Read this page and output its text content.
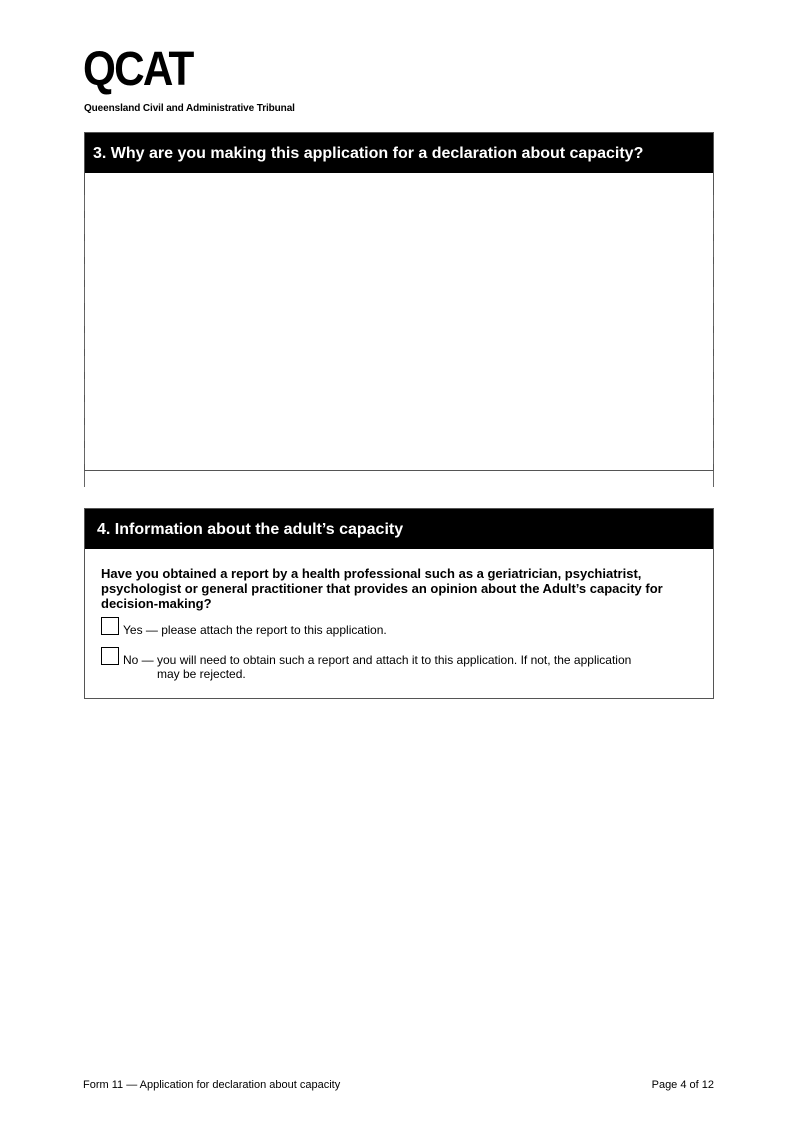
QCAT
Queensland Civil and Administrative Tribunal
3. Why are you making this application for a declaration about capacity?
4. Information about the adult’s capacity
Have you obtained a report by a health professional such as a geriatrician, psychiatrist, psychologist or general practitioner that provides an opinion about the Adult’s capacity for decision-making?
Yes — please attach the report to this application.
No — you will need to obtain such a report and attach it to this application. If not, the application
may be rejected.
Form 11 — Application for declaration about capacity	Page 4 of 12
